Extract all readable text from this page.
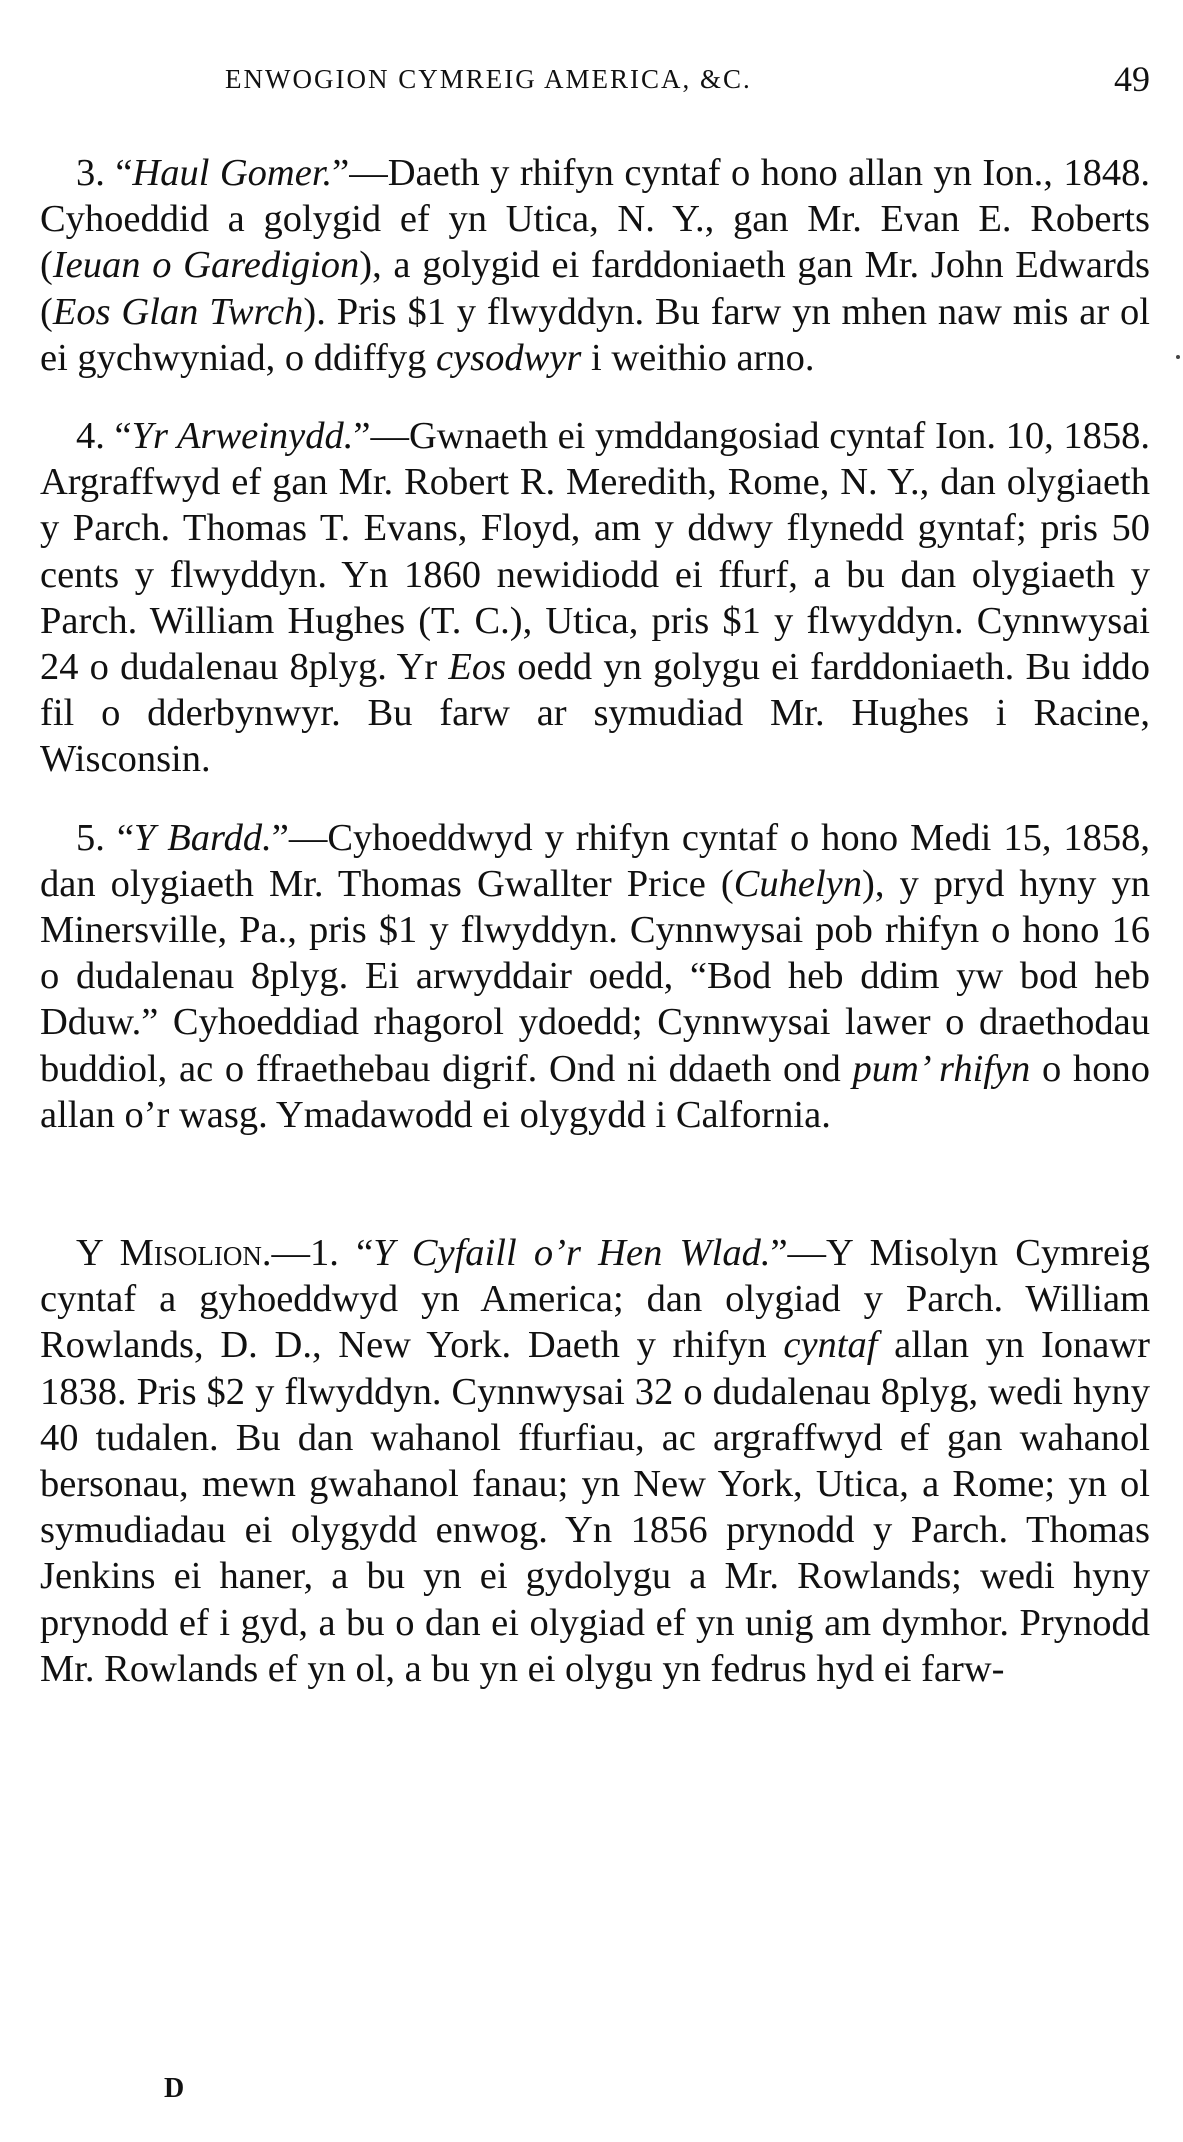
ENWOGION CYMREIG AMERICA, &C.	49

3. “Haul Gomer.”—Daeth y rhifyn cyntaf o hono allan yn Ion., 1848. Cyhoeddid a golygid ef yn Utica, N. Y., gan Mr. Evan E. Roberts (Ieuan o Garedigion), a golygid ei farddoniaeth gan Mr. John Edwards (Eos Glan Twrch). Pris $1 y flwyddyn. Bu farw yn mhen naw mis ar ol ei gychwyniad, o ddiffyg cysodwyr i weithio arno.

4. “Yr Arweinydd.”—Gwnaeth ei ymddangosiad cyntaf Ion. 10, 1858. Argraffwyd ef gan Mr. Robert R. Meredith, Rome, N. Y., dan olygiaeth y Parch. Thomas T. Evans, Floyd, am y ddwy flynedd gyntaf; pris 50 cents y flwyddyn. Yn 1860 newidiodd ei ffurf, a bu dan olygiaeth y Parch. William Hughes (T. C.), Utica, pris $1 y flwyddyn. Cynnwysai 24 o dudalenau 8plyg. Yr Eos oedd yn golygu ei farddoniaeth. Bu iddo fil o dderbynwyr. Bu farw ar symudiad Mr. Hughes i Racine, Wisconsin.

5. “Y Bardd.”—Cyhoeddwyd y rhifyn cyntaf o hono Medi 15, 1858, dan olygiaeth Mr. Thomas Gwallter Price (Cuhelyn), y pryd hyny yn Minersville, Pa., pris $1 y flwyddyn. Cynnwysai pob rhifyn o hono 16 o dudalenau 8plyg. Ei arwyddair oedd, “Bod heb ddim yw bod heb Dduw.” Cyhoeddiad rhagorol ydoedd; Cynnwysai lawer o draethodau buddiol, ac o ffraethebau digrif. Ond ni ddaeth ond pum’ rhifyn o hono allan o’r wasg. Ymadawodd ei olygydd i Calfornia.

Y Misolion.—1. “Y Cyfaill o’r Hen Wlad.”—Y Misolyn Cymreig cyntaf a gyhoeddwyd yn America; dan olygiad y Parch. William Rowlands, D. D., New York. Daeth y rhifyn cyntaf allan yn Ionawr 1838. Pris $2 y flwyddyn. Cynnwysai 32 o dudalenau 8plyg, wedi hyny 40 tudalen. Bu dan wahanol ffurfiau, ac argraffwyd ef gan wahanol bersonau, mewn gwahanol fanau; yn New York, Utica, a Rome; yn ol symudiadau ei olygydd enwog. Yn 1856 prynodd y Parch. Thomas Jenkins ei haner, a bu yn ei gydolygu a Mr. Rowlands; wedi hyny prynodd ef i gyd, a bu o dan ei olygiad ef yn unig am dymhor. Prynodd Mr. Rowlands ef yn ol, a bu yn ei olygu yn fedrus hyd ei farw-

D
